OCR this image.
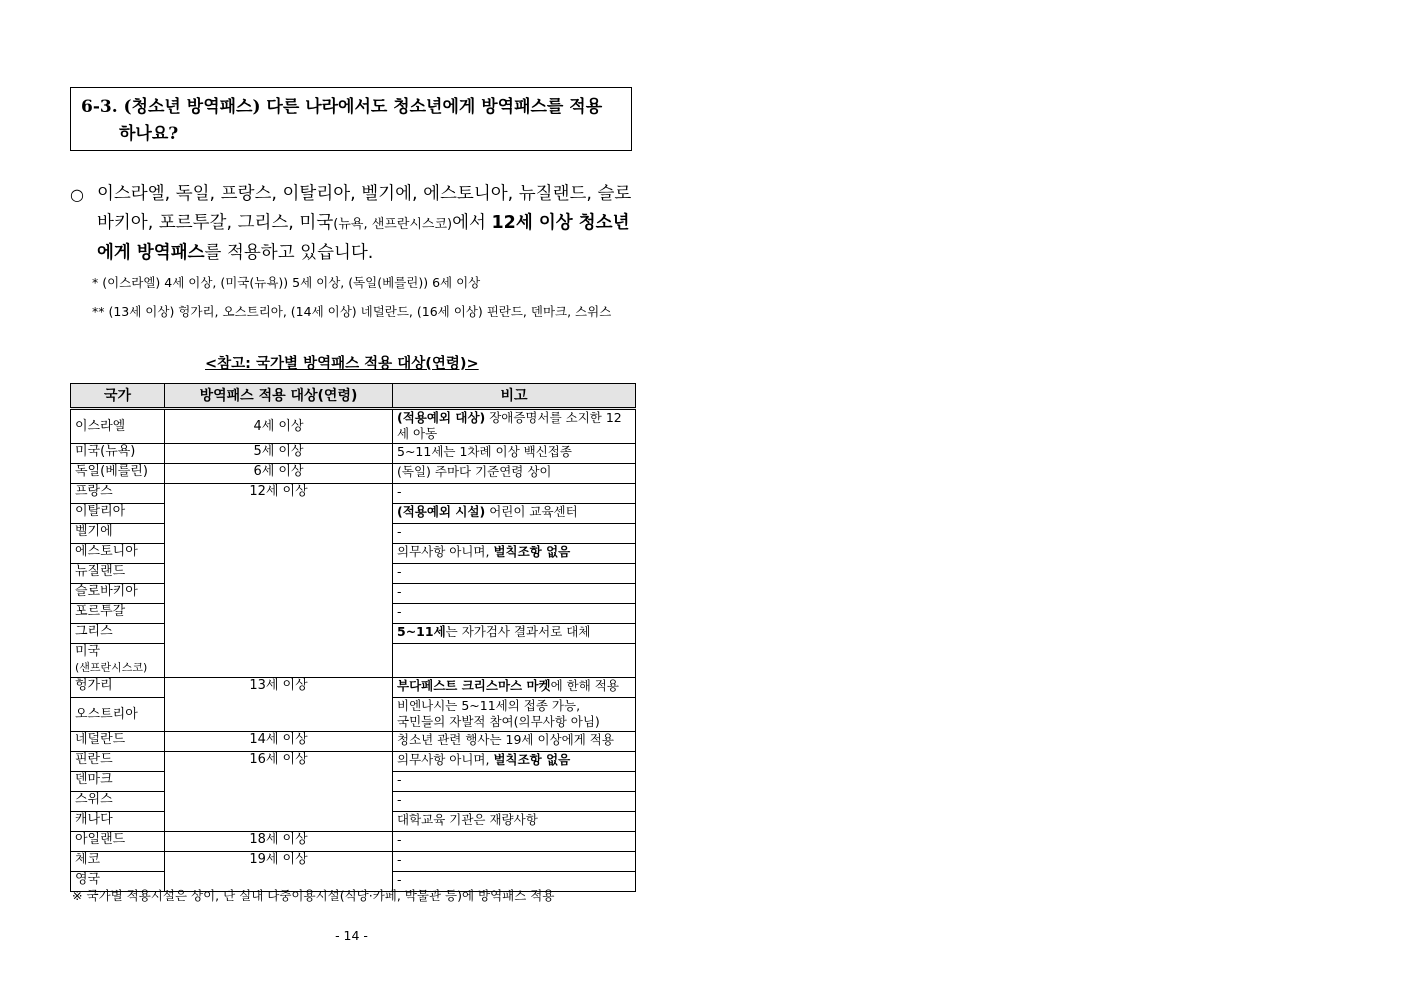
6-3. (청소년 방역패스) 다른 나라에서도 청소년에게 방역패스를 적용
하나요?
○ 이스라엘, 독일, 프랑스, 이탈리아, 벨기에, 에스토니아, 뉴질랜드, 슬로바키아, 포르투갈, 그리스, 미국(뉴욕, 샌프란시스코)에서 12세 이상 청소년에게 방역패스를 적용하고 있습니다.
* (이스라엘) 4세 이상, (미국(뉴욕)) 5세 이상, (독일(베를린)) 6세 이상
** (13세 이상) 헝가리, 오스트리아, (14세 이상) 네덜란드, (16세 이상) 핀란드, 덴마크, 스위스
<참고: 국가별 방역패스 적용 대상(연령)>
국가	방역패스 적용 대상(연령)	비고
이스라엘	4세 이상	(적용예외 대상) 장애증명서를 소지한 12세 아동
미국(뉴욕)	5세 이상	5~11세는 1차례 이상 백신접종
독일(베를린)	6세 이상	(독일) 주마다 기준연령 상이
프랑스	12세 이상	-
이탈리아		(적용예외 시설) 어린이 교육센터
벨기에		-
에스토니아		의무사항 아니며, 벌칙조항 없음
뉴질랜드		-
슬로바키아		-
포르투갈		-
그리스		5~11세는 자가검사 결과서로 대체
미국
(샌프란시스코)		
헝가리	13세 이상	부다페스트 크리스마스 마켓에 한해 적용
오스트리아		비엔나시는 5~11세의 접종 가능,
국민들의 자발적 참여(의무사항 아님)
네덜란드	14세 이상	청소년 관련 행사는 19세 이상에게 적용
핀란드	16세 이상	의무사항 아니며, 벌칙조항 없음
덴마크		-
스위스		-
캐나다		대학교육 기관은 재량사항
아일랜드	18세 이상	-
체코	19세 이상	-
영국		-
※ 국가별 적용시설은 상이, 단 실내 다중이용시설(식당·카페, 박물관 등)에 방역패스 적용
- 14 -
